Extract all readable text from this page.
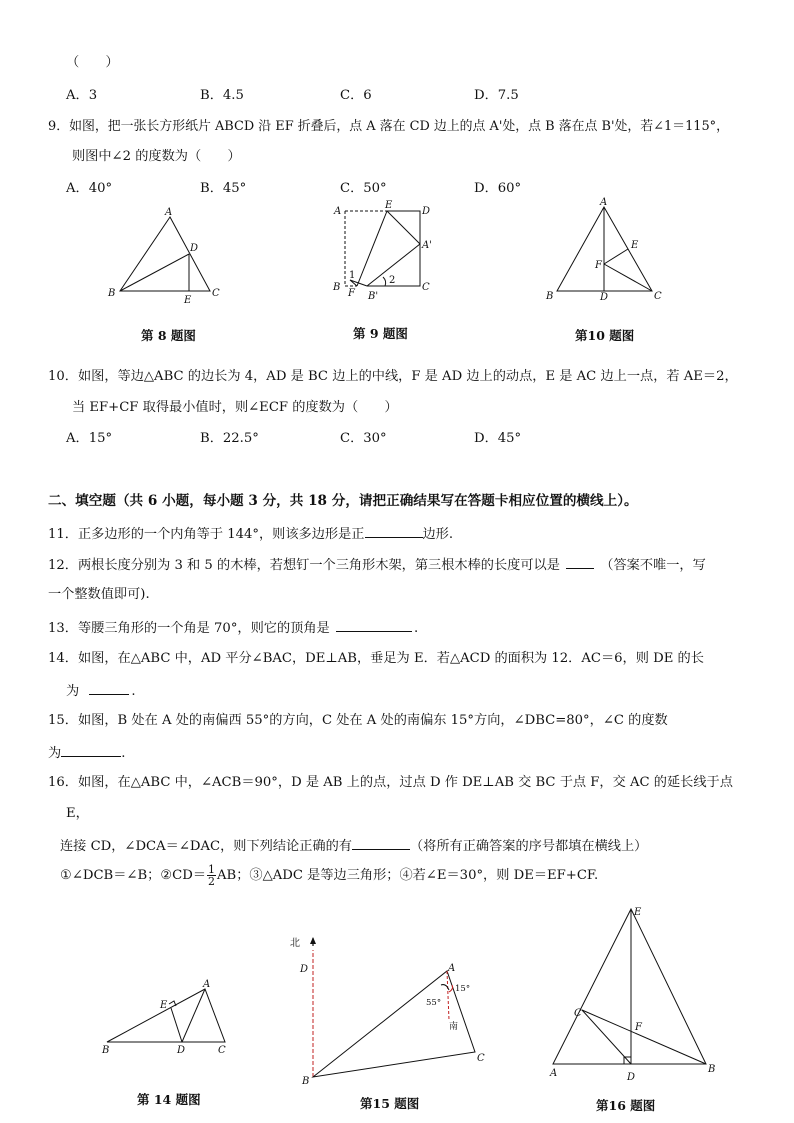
（　　）
A．3	B．4.5	C．6	D．7.5
9．如图，把一张长方形纸片 ABCD 沿 EF 折叠后，点 A 落在 CD 边上的点 A'处，点 B 落在点 B'处，若∠1＝115°，
则图中∠2 的度数为（　　）
A．40°	B．45°	C．50°	D．60°
A
D
B
E
C
第 8 题图
A
E
D
A'
1	2
B
F B'
C
第 9 题图
A
E
F
B	D	C
第10 题图
10．如图，等边△ABC 的边长为 4，AD 是 BC 边上的中线，F 是 AD 边上的动点，E 是 AC 边上一点，若 AE＝2，
当 EF+CF 取得最小值时，则∠ECF 的度数为（　　）
A．15°	B．22.5°	C．30°	D．45°
二、填空题（共 6 小题，每小题 3 分，共 18 分，请把正确结果写在答题卡相应位置的横线上）。
11．正多边形的一个内角等于 144°，则该多边形是正	边形.
12．两根长度分别为 3 和 5 的木棒，若想钉一个三角形木架，第三根木棒的长度可以是	（答案不唯一，写
一个整数值即可).
13．等腰三角形的一个角是 70°，则它的顶角是	.
14．如图，在△ABC 中，AD 平分∠BAC，DE⊥AB，垂足为 E．若△ACD 的面积为 12．AC＝6，则 DE 的长
为	.
15．如图，B 处在 A 处的南偏西 55°的方向，C 处在 A 处的南偏东 15°方向，∠DBC=80°，∠C 的度数
为	.
16．如图，在△ABC 中，∠ACB＝90°，D 是 AB 上的点，过点 D 作 DE⊥AB 交 BC 于点 F，交 AC 的延长线于点
E，
连接 CD，∠DCA＝∠DAC，则下列结论正确的有	（将所有正确答案的序号都填在横线上）
①∠DCB＝∠B；②CD＝ $\frac{1}{2}$ AB；③△ADC 是等边三角形；④若∠E＝30°，则 DE＝EF+CF.
E
A
B	D	C
第 14 题图
北
D	A
15°
55°
南
C
B
第15 题图
E
C
F
A	D
B
第16 题图
